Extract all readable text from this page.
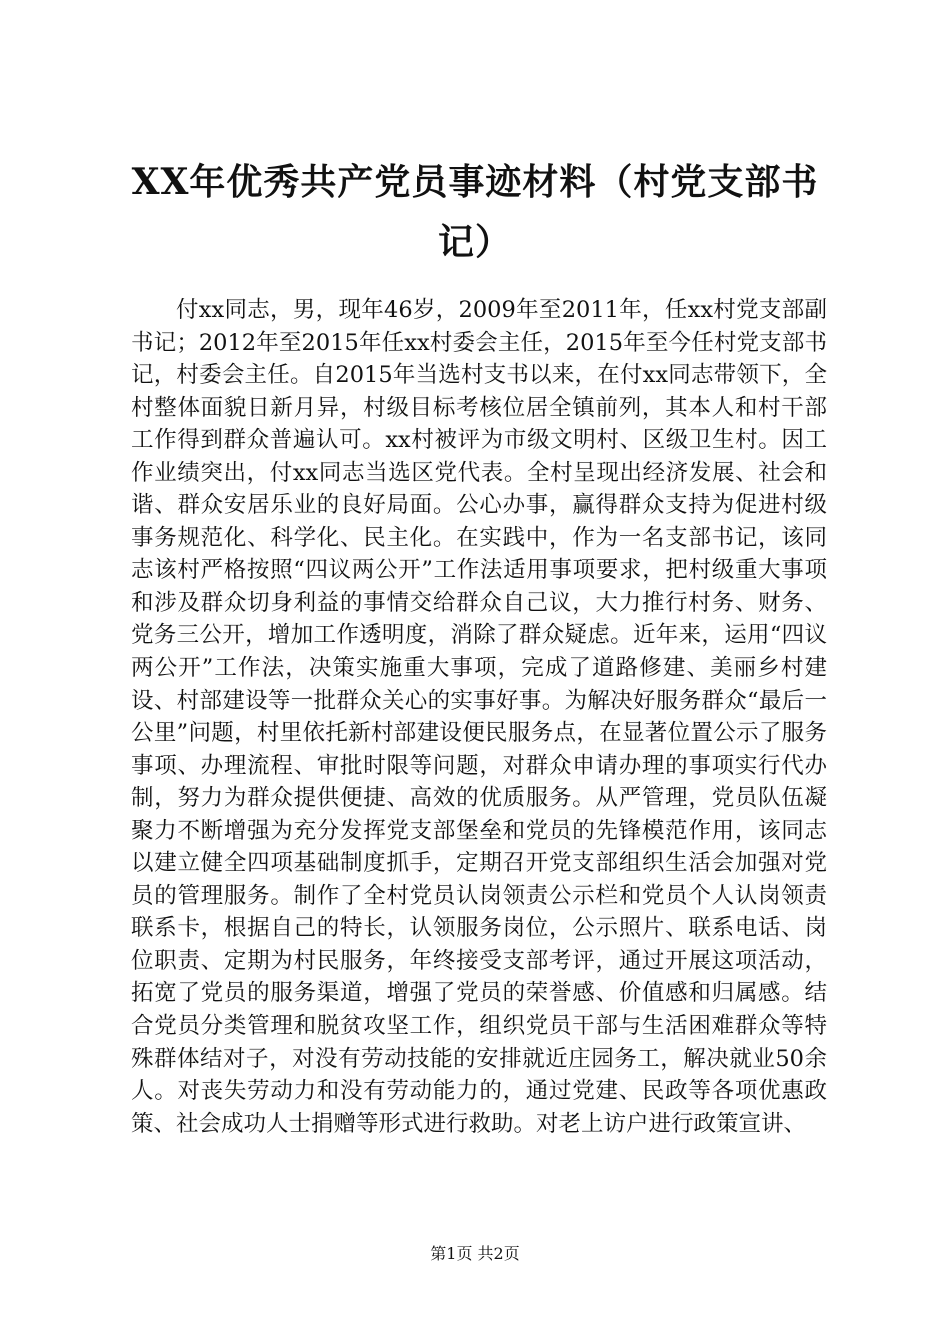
XX年优秀共产党员事迹材料（村党支部书记）

付xx同志，男，现年46岁，2009年至2011年，任xx村党支部副书记；2012年至2015年任xx村委会主任，2015年至今任村党支部书记，村委会主任。自2015年当选村支书以来，在付xx同志带领下，全村整体面貌日新月异，村级目标考核位居全镇前列，其本人和村干部工作得到群众普遍认可。xx村被评为市级文明村、区级卫生村。因工作业绩突出，付xx同志当选区党代表。全村呈现出经济发展、社会和谐、群众安居乐业的良好局面。公心办事，赢得群众支持为促进村级事务规范化、科学化、民主化。在实践中，作为一名支部书记，该同志该村严格按照“四议两公开”工作法适用事项要求，把村级重大事项和涉及群众切身利益的事情交给群众自己议，大力推行村务、财务、党务三公开，增加工作透明度，消除了群众疑虑。近年来，运用“四议两公开”工作法，决策实施重大事项，完成了道路修建、美丽乡村建设、村部建设等一批群众关心的实事好事。为解决好服务群众“最后一公里”问题，村里依托新村部建设便民服务点，在显著位置公示了服务事项、办理流程、审批时限等问题，对群众申请办理的事项实行代办制，努力为群众提供便捷、高效的优质服务。从严管理，党员队伍凝聚力不断增强为充分发挥党支部堡垒和党员的先锋模范作用，该同志以建立健全四项基础制度抓手，定期召开党支部组织生活会加强对党员的管理服务。制作了全村党员认岗领责公示栏和党员个人认岗领责联系卡，根据自己的特长，认领服务岗位，公示照片、联系电话、岗位职责、定期为村民服务，年终接受支部考评，通过开展这项活动，拓宽了党员的服务渠道，增强了党员的荣誉感、价值感和归属感。结合党员分类管理和脱贫攻坚工作，组织党员干部与生活困难群众等特殊群体结对子，对没有劳动技能的安排就近庄园务工，解决就业50余人。对丧失劳动力和没有劳动能力的，通过党建、民政等各项优惠政策、社会成功人士捐赠等形式进行救助。对老上访户进行政策宣讲、

第1页 共2页
